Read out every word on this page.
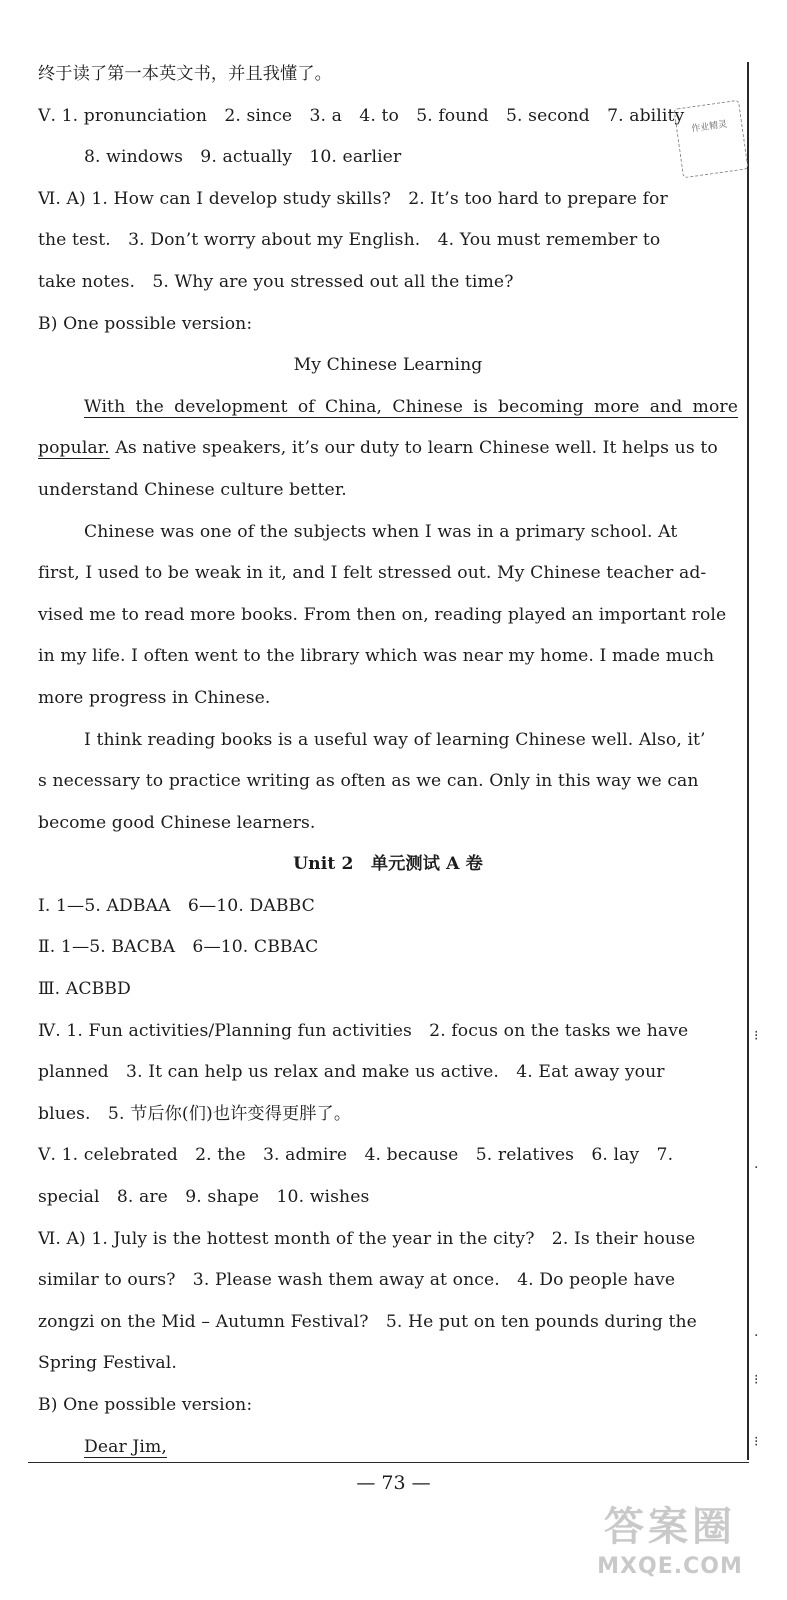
作业精灵
⁝
·
·
⁝
⁝
终于读了第一本英文书，并且我懂了。
Ⅴ. 1. pronunciation　2. since　3. a　4. to　5. found　5. second　7. ability
8. windows　9. actually　10. earlier
Ⅵ. A) 1. How can I develop study skills?　2. It’s too hard to prepare for
the test.　3. Don’t worry about my English.　4. You must remember to
take notes.　5. Why are you stressed out all the time?
B) One possible version:
My Chinese Learning
With the development of China, Chinese is becoming more and more
popular. As native speakers, it’s our duty to learn Chinese well. It helps us to
understand Chinese culture better.
Chinese was one of the subjects when I was in a primary school. At
first, I used to be weak in it, and I felt stressed out. My Chinese teacher ad-
vised me to read more books. From then on, reading played an important role
in my life. I often went to the library which was near my home. I made much
more progress in Chinese.
I think reading books is a useful way of learning Chinese well. Also, it’
s necessary to practice writing as often as we can. Only in this way we can
become good Chinese learners.
Unit 2　单元测试 A 卷
Ⅰ. 1—5. ADBAA　6—10. DABBC
Ⅱ. 1—5. BACBA　6—10. CBBAC
Ⅲ. ACBBD
Ⅳ. 1. Fun activities/Planning fun activities　2. focus on the tasks we have
planned　3. It can help us relax and make us active.　4. Eat away your
blues.　5. 节后你(们)也许变得更胖了。
Ⅴ. 1. celebrated　2. the　3. admire　4. because　5. relatives　6. lay　7.
special　8. are　9. shape　10. wishes
Ⅵ. A) 1. July is the hottest month of the year in the city?　2. Is their house
similar to ours?　3. Please wash them away at once.　4. Do people have
zongzi on the Mid – Autumn Festival?　5. He put on ten pounds during the
Spring Festival.
B) One possible version:
Dear Jim,
— 73 —
答案圈
MXQE.COM
